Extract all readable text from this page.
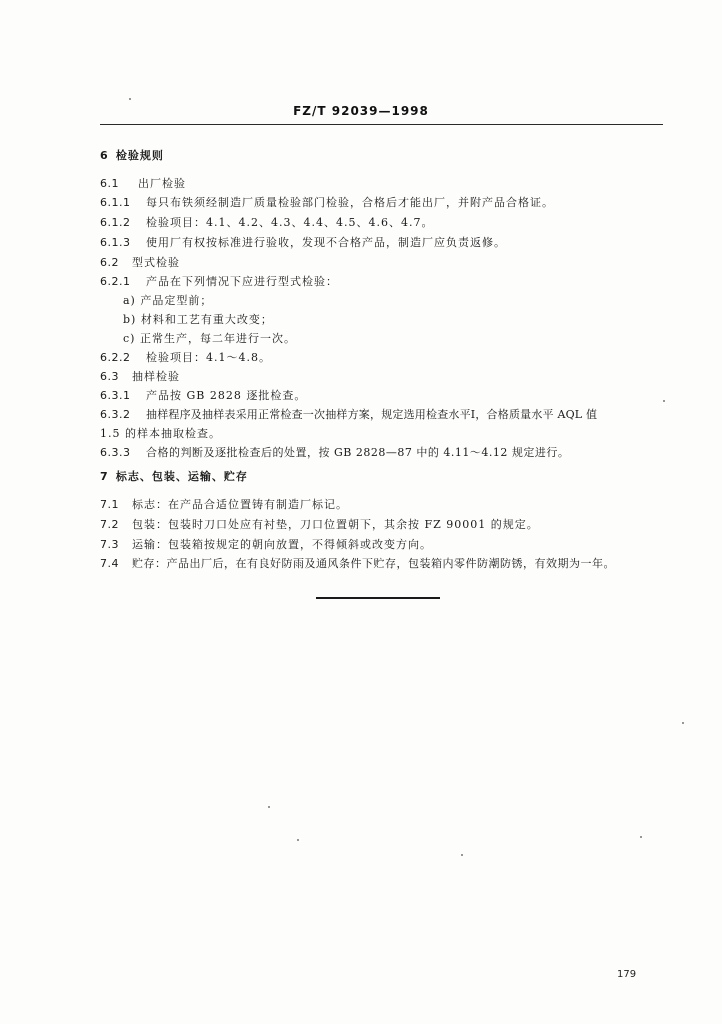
FZ/T 92039—1998
6 检验规则
6.1 出厂检验
6.1.1 每只布铁须经制造厂质量检验部门检验，合格后才能出厂，并附产品合格证。
6.1.2 检验项目：4.1、4.2、4.3、4.4、4.5、4.6、4.7。
6.1.3 使用厂有权按标准进行验收，发现不合格产品，制造厂应负责返修。
6.2 型式检验
6.2.1 产品在下列情况下应进行型式检验：
a) 产品定型前；
b) 材料和工艺有重大改变；
c) 正常生产，每二年进行一次。
6.2.2 检验项目：4.1～4.8。
6.3 抽样检验
6.3.1 产品按 GB 2828 逐批检查。
6.3.2 抽样程序及抽样表采用正常检查一次抽样方案，规定选用检查水平Ⅰ，合格质量水平 AQL 值
1.5 的样本抽取检查。
6.3.3 合格的判断及逐批检查后的处置，按 GB 2828—87 中的 4.11～4.12 规定进行。
7 标志、包装、运输、贮存
7.1 标志：在产品合适位置铸有制造厂标记。
7.2 包装：包装时刀口处应有衬垫，刀口位置朝下，其余按 FZ 90001 的规定。
7.3 运输：包装箱按规定的朝向放置，不得倾斜或改变方向。
7.4 贮存：产品出厂后，在有良好防雨及通风条件下贮存，包装箱内零件防潮防锈，有效期为一年。
179
